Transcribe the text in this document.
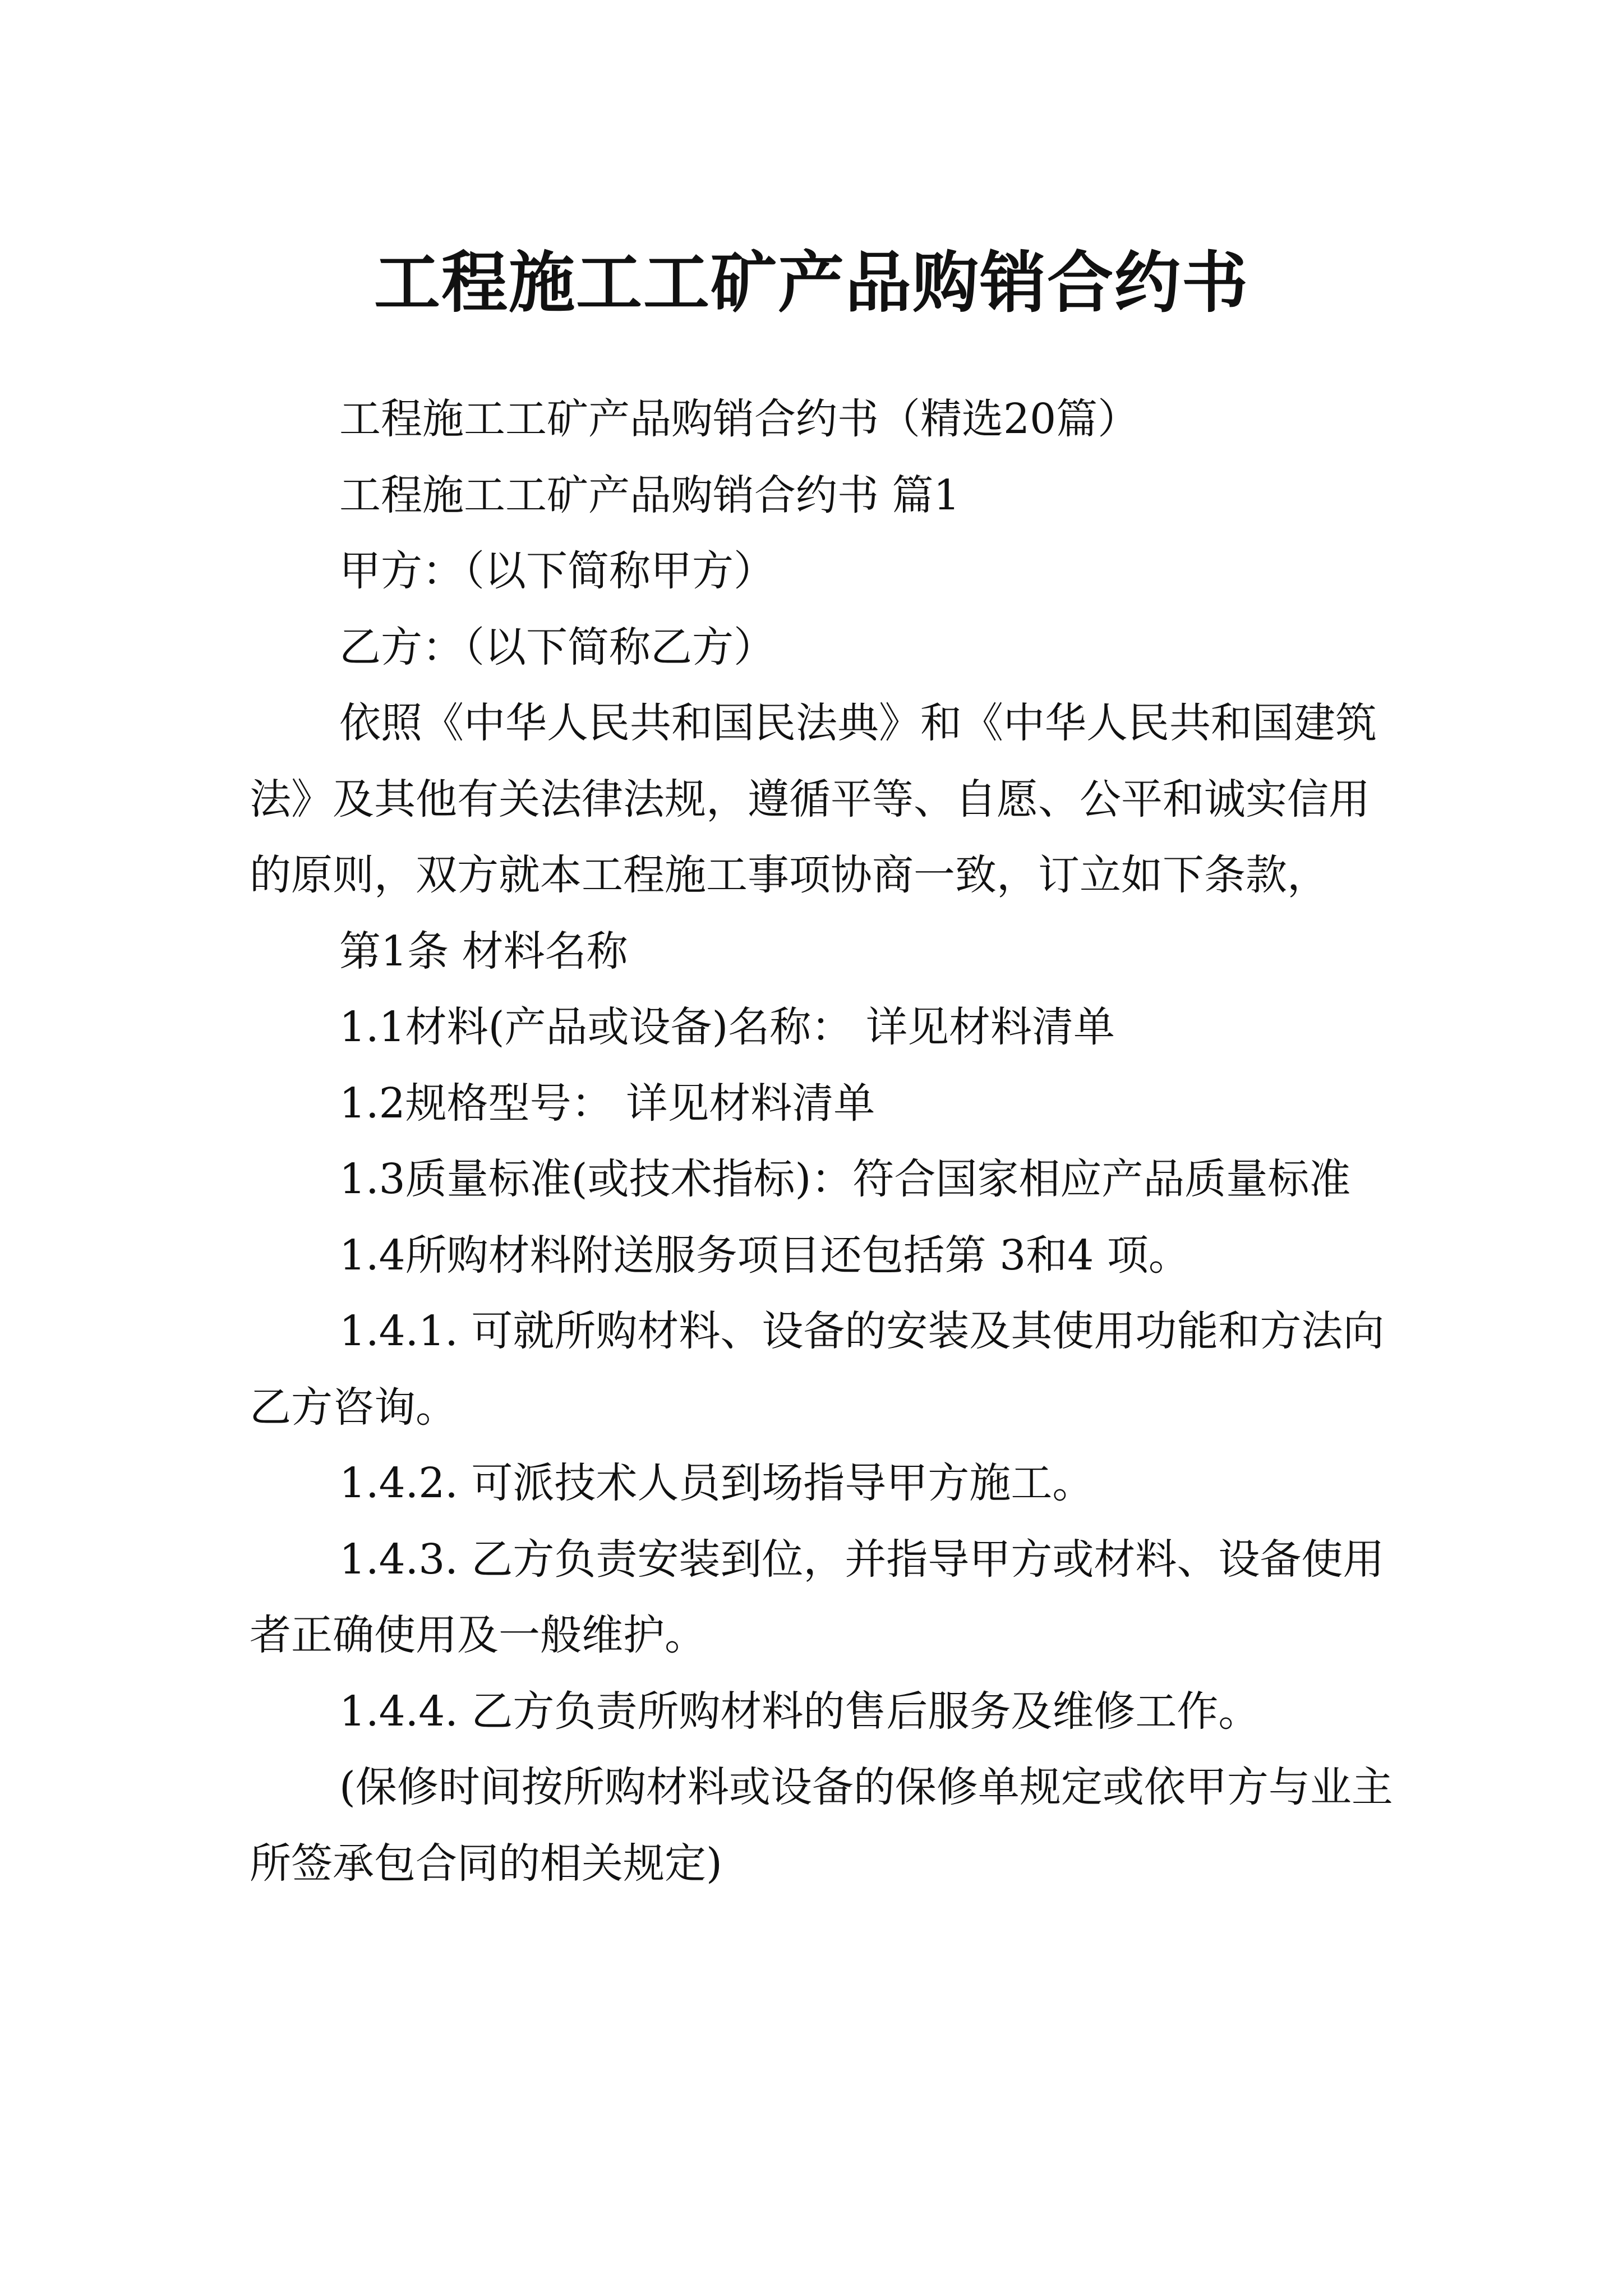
工程施工工矿产品购销合约书

工程施工工矿产品购销合约书（精选20篇）

工程施工工矿产品购销合约书 篇1

甲方：（以下简称甲方）

乙方：（以下简称乙方）

依照《中华人民共和国民法典》和《中华人民共和国建筑法》及其他有关法律法规，遵循平等、自愿、公平和诚实信用的原则，双方就本工程施工事项协商一致，订立如下条款，

第1条 材料名称

1.1材料(产品或设备)名称： 详见材料清单

1.2规格型号： 详见材料清单

1.3质量标准(或技术指标)：符合国家相应产品质量标准

1.4所购材料附送服务项目还包括第 3和4 项。

1.4.1. 可就所购材料、设备的安装及其使用功能和方法向乙方咨询。

1.4.2. 可派技术人员到场指导甲方施工。

1.4.3. 乙方负责安装到位，并指导甲方或材料、设备使用者正确使用及一般维护。

1.4.4. 乙方负责所购材料的售后服务及维修工作。

(保修时间按所购材料或设备的保修单规定或依甲方与业主所签承包合同的相关规定)
